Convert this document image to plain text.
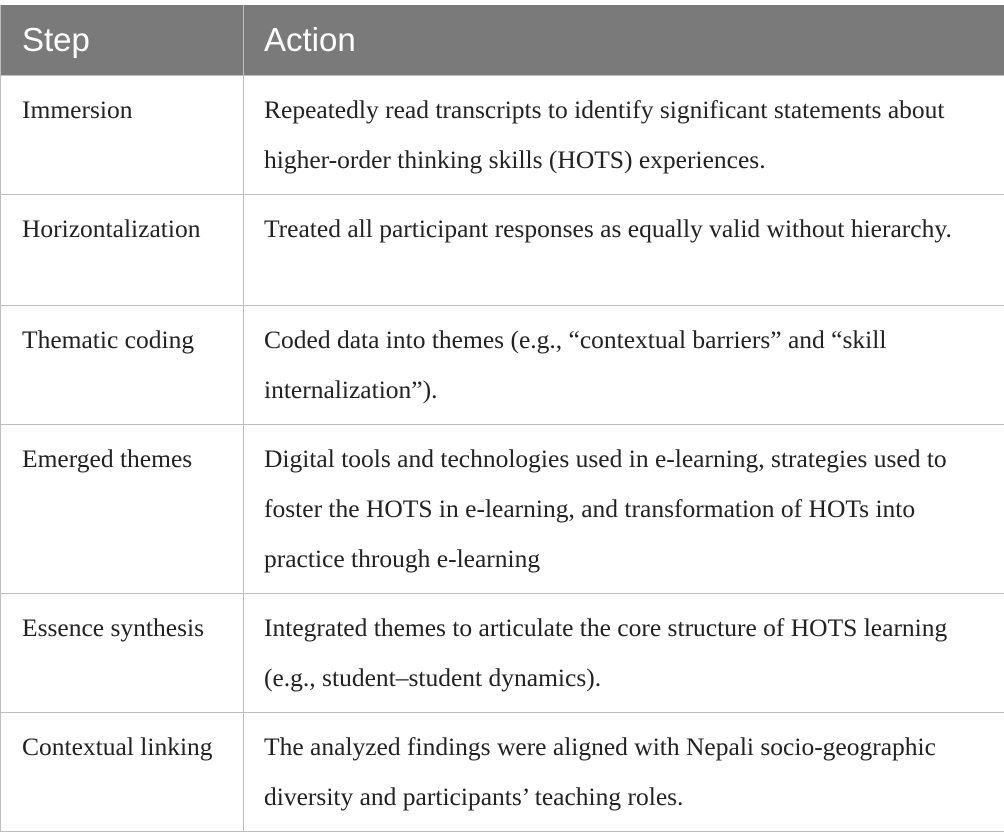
Step	Action
Immersion	Repeatedly read transcripts to identify significant statements about higher-order thinking skills (HOTS) experiences.
Horizontalization	Treated all participant responses as equally valid without hierarchy.
Thematic coding	Coded data into themes (e.g., “contextual barriers” and “skill internalization”).
Emerged themes	Digital tools and technologies used in e-learning, strategies used to foster the HOTS in e-learning, and transformation of HOTs into practice through e-learning
Essence synthesis	Integrated themes to articulate the core structure of HOTS learning (e.g., student–student dynamics).
Contextual linking	The analyzed findings were aligned with Nepali socio-geographic diversity and participants’ teaching roles.
